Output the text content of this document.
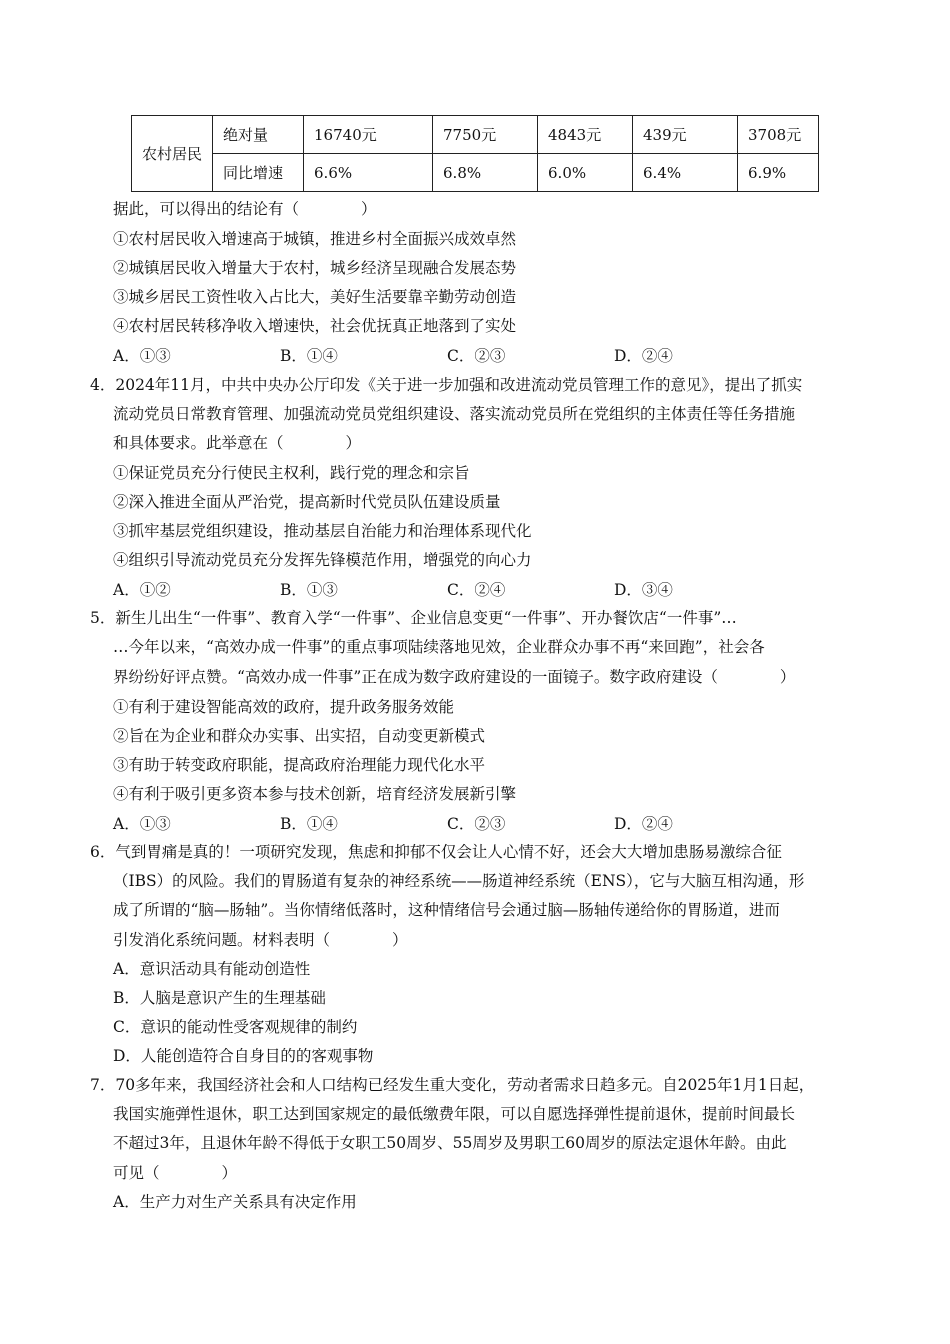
农村居民	绝对量	16740元	7750元	4843元	439元	3708元
	同比增速	6.6%	6.8%	6.0%	6.4%	6.9%
据此，可以得出的结论有（　　　　）
①农村居民收入增速高于城镇，推进乡村全面振兴成效卓然
②城镇居民收入增量大于农村，城乡经济呈现融合发展态势
③城乡居民工资性收入占比大，美好生活要靠辛勤劳动创造
④农村居民转移净收入增速快，社会优抚真正地落到了实处
A．①③	B．①④	C．②③	D．②④
4．2024年11月，中共中央办公厅印发《关于进一步加强和改进流动党员管理工作的意见》，提出了抓实
流动党员日常教育管理、加强流动党员党组织建设、落实流动党员所在党组织的主体责任等任务措施
和具体要求。此举意在（　　　　）
①保证党员充分行使民主权利，践行党的理念和宗旨
②深入推进全面从严治党，提高新时代党员队伍建设质量
③抓牢基层党组织建设，推动基层自治能力和治理体系现代化
④组织引导流动党员充分发挥先锋模范作用，增强党的向心力
A．①②	B．①③	C．②④	D．③④
5．新生儿出生“一件事”、教育入学“一件事”、企业信息变更“一件事”、开办餐饮店“一件事”…
…今年以来，“高效办成一件事”的重点事项陆续落地见效，企业群众办事不再“来回跑”，社会各
界纷纷好评点赞。“高效办成一件事”正在成为数字政府建设的一面镜子。数字政府建设（　　　　）
①有利于建设智能高效的政府，提升政务服务效能
②旨在为企业和群众办实事、出实招，自动变更新模式
③有助于转变政府职能，提高政府治理能力现代化水平
④有利于吸引更多资本参与技术创新，培育经济发展新引擎
A．①③	B．①④	C．②③	D．②④
6．气到胃痛是真的！一项研究发现，焦虑和抑郁不仅会让人心情不好，还会大大增加患肠易激综合征
（IBS）的风险。我们的胃肠道有复杂的神经系统——肠道神经系统（ENS），它与大脑互相沟通，形
成了所谓的“脑—肠轴”。当你情绪低落时，这种情绪信号会通过脑—肠轴传递给你的胃肠道，进而
引发消化系统问题。材料表明（　　　　）
A．意识活动具有能动创造性
B．人脑是意识产生的生理基础
C．意识的能动性受客观规律的制约
D．人能创造符合自身目的的客观事物
7．70多年来，我国经济社会和人口结构已经发生重大变化，劳动者需求日趋多元。自2025年1月1日起，
我国实施弹性退休，职工达到国家规定的最低缴费年限，可以自愿选择弹性提前退休，提前时间最长
不超过3年，且退休年龄不得低于女职工50周岁、55周岁及男职工60周岁的原法定退休年龄。由此
可见（　　　　）
A．生产力对生产关系具有决定作用
